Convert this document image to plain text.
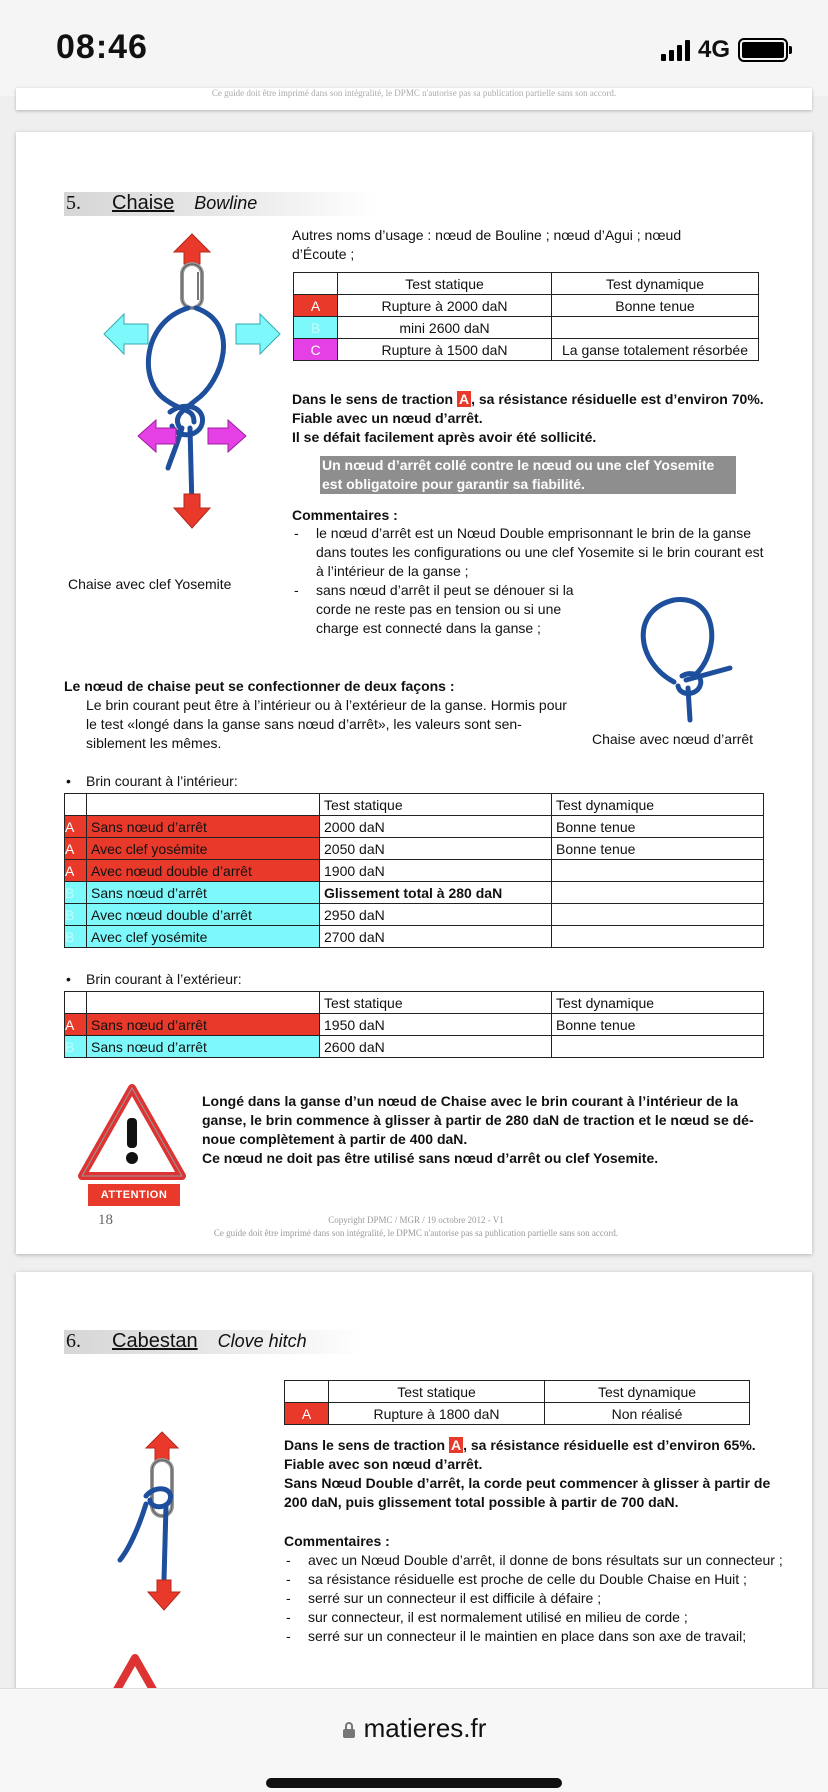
08:46	4G
Ce guide doit être imprimé dans son intégralité, le DPMC n'autorise pas sa publication partielle sans son accord.
5.	Chaise Bowline
Chaise avec clef Yosemite
Autres noms d’usage : nœud de Bouline ; nœud d’Agui ; nœud d’Écoute ;
	Test statique	Test dynamique
A	Rupture à 2000 daN	Bonne tenue
B	mini 2600 daN	
C	Rupture à 1500 daN	La ganse totalement résorbée
Dans le sens de traction A , sa résistance résiduelle est d’environ 70%.
Fiable avec un nœud d’arrêt.
Il se défait facilement après avoir été sollicité.
Un nœud d’arrêt collé contre le nœud ou une clef Yosemite est obligatoire pour garantir sa fiabilité.
Commentaires :
- le nœud d’arrêt est un Nœud Double emprisonnant le brin de la ganse dans toutes les configurations ou une clef Yosemite si le brin courant est à l’intérieur de la ganse ;
- sans nœud d’arrêt il peut se dénouer si la corde ne reste pas en tension ou si une charge est connecté dans la ganse ;
Chaise avec nœud d’arrêt
Le nœud de chaise peut se confectionner de deux façons :
Le brin courant peut être à l’intérieur ou à l’extérieur de la ganse. Hormis pour le test «longé dans la ganse sans nœud d’arrêt», les valeurs sont sen-siblement les mêmes.
• Brin courant à l’intérieur:
		Test statique	Test dynamique
A	Sans nœud d’arrêt	2000 daN	Bonne tenue
A	Avec clef yosémite	2050 daN	Bonne tenue
A	Avec nœud double d’arrêt	1900 daN	
B	Sans nœud d’arrêt	Glissement total à 280 daN	
B	Avec nœud double d’arrêt	2950 daN	
B	Avec clef yosémite	2700 daN	
• Brin courant à l’extérieur:
		Test statique	Test dynamique
A	Sans nœud d’arrêt	1950 daN	Bonne tenue
B	Sans nœud d’arrêt	2600 daN	
ATTENTION
Longé dans la ganse d’un nœud de Chaise avec le brin courant à l’intérieur de la ganse, le brin commence à glisser à partir de 280 daN de traction et le nœud se dé-noue complètement à partir de 400 daN.
Ce nœud ne doit pas être utilisé sans nœud d’arrêt ou clef Yosemite.
18	Copyright DPMC / MGR / 19 octobre 2012 - V1
Ce guide doit être imprimé dans son intégralité, le DPMC n'autorise pas sa publication partielle sans son accord.
6.	Cabestan Clove hitch
	Test statique	Test dynamique
A	Rupture à 1800 daN	Non réalisé
Dans le sens de traction A , sa résistance résiduelle est d’environ 65%.
Fiable avec son nœud d’arrêt.
Sans Nœud Double d’arrêt, la corde peut commencer à glisser à partir de 200 daN, puis glissement total possible à partir de 700 daN.
Commentaires :
- avec un Nœud Double d’arrêt, il donne de bons résultats sur un connecteur ;
- sa résistance résiduelle est proche de celle du Double Chaise en Huit ;
- serré sur un connecteur il est difficile à défaire ;
- sur connecteur, il est normalement utilisé en milieu de corde ;
- serré sur un connecteur il le maintien en place dans son axe de travail;
matieres.fr
